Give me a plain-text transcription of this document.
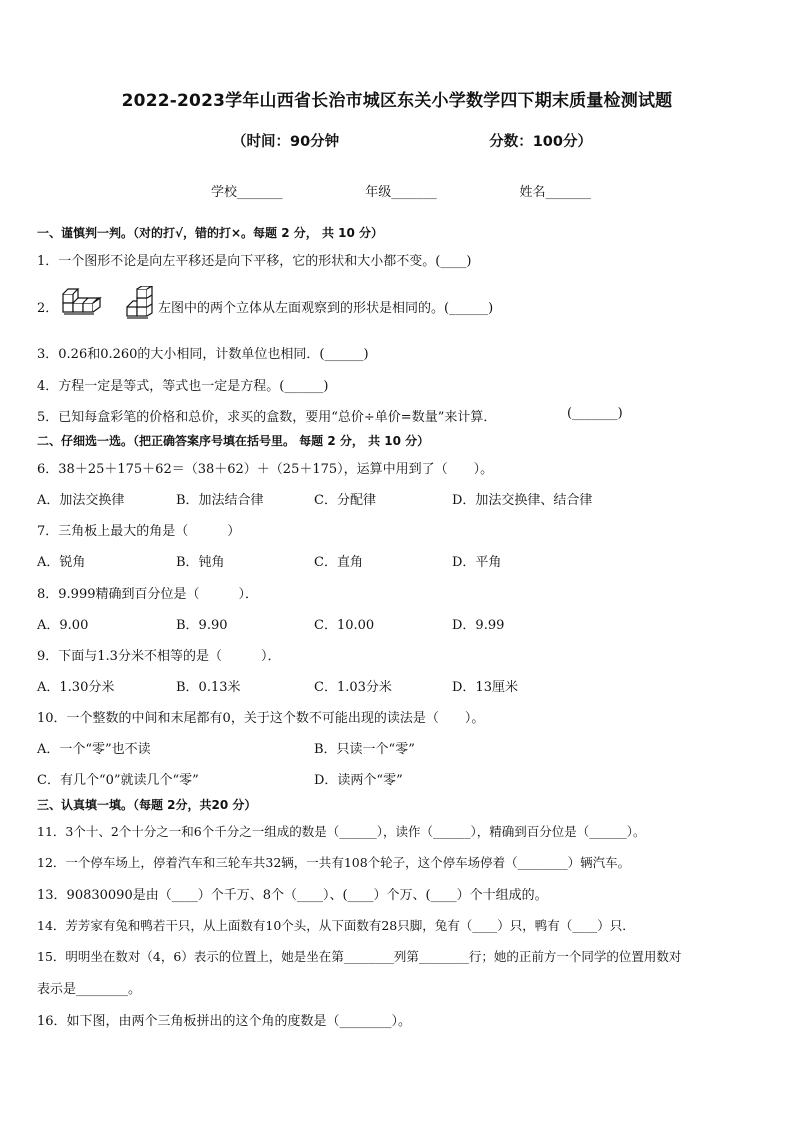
2022-2023学年山西省长治市城区东关小学数学四下期末质量检测试题
（时间：90分钟	分数：100分）
学校_______	年级_______	姓名_______
一、谨慎判一判。（对的打√，错的打×。每题 2 分， 共 10 分）
1．一个图形不论是向左平移还是向下平移，它的形状和大小都不变。(____)
2．	左图中的两个立体从左面观察到的形状是相同的。(______)
3．0.26和0.260的大小相同，计数单位也相同．(______)
4．方程一定是等式，等式也一定是方程。(______)
5．已知每盒彩笔的价格和总价，求买的盒数，要用“总价÷单价=数量”来计算．	(_______)
二、仔细选一选。（把正确答案序号填在括号里。 每题 2 分， 共 10 分）
6．38＋25＋175＋62＝（38＋62）＋（25＋175），运算中用到了（　　）。
A．加法交换律	B．加法结合律	C．分配律	D．加法交换律、结合律
7．三角板上最大的角是（　　　）
A．锐角	B．钝角	C．直角	D．平角
8．9.999精确到百分位是（　　　）．
A．9.00	B．9.90	C．10.00	D．9.99
9．下面与1.3分米不相等的是（　　　）．
A．1.30分米	B．0.13米	C．1.03分米	D．13厘米
10．一个整数的中间和末尾都有0，关于这个数不可能出现的读法是（　　）。
A．一个“零”也不读	B．只读一个“零”
C．有几个“0”就读几个“零”	D．读两个“零”
三、认真填一填。（每题 2分，共20 分）
11．3个十、2个十分之一和6个千分之一组成的数是（______），读作（______），精确到百分位是（______）。
12．一个停车场上，停着汽车和三轮车共32辆，一共有108个轮子，这个停车场停着（________）辆汽车。
13．90830090是由（____）个千万、8个（____）、(____）个万、(____）个十组成的。
14．芳芳家有兔和鸭若干只，从上面数有10个头，从下面数有28只脚，兔有（____）只，鸭有（____）只．
15．明明坐在数对（4，6）表示的位置上，她是坐在第________列第________行；她的正前方一个同学的位置用数对
表示是________。
16．如下图，由两个三角板拼出的这个角的度数是（________）。
